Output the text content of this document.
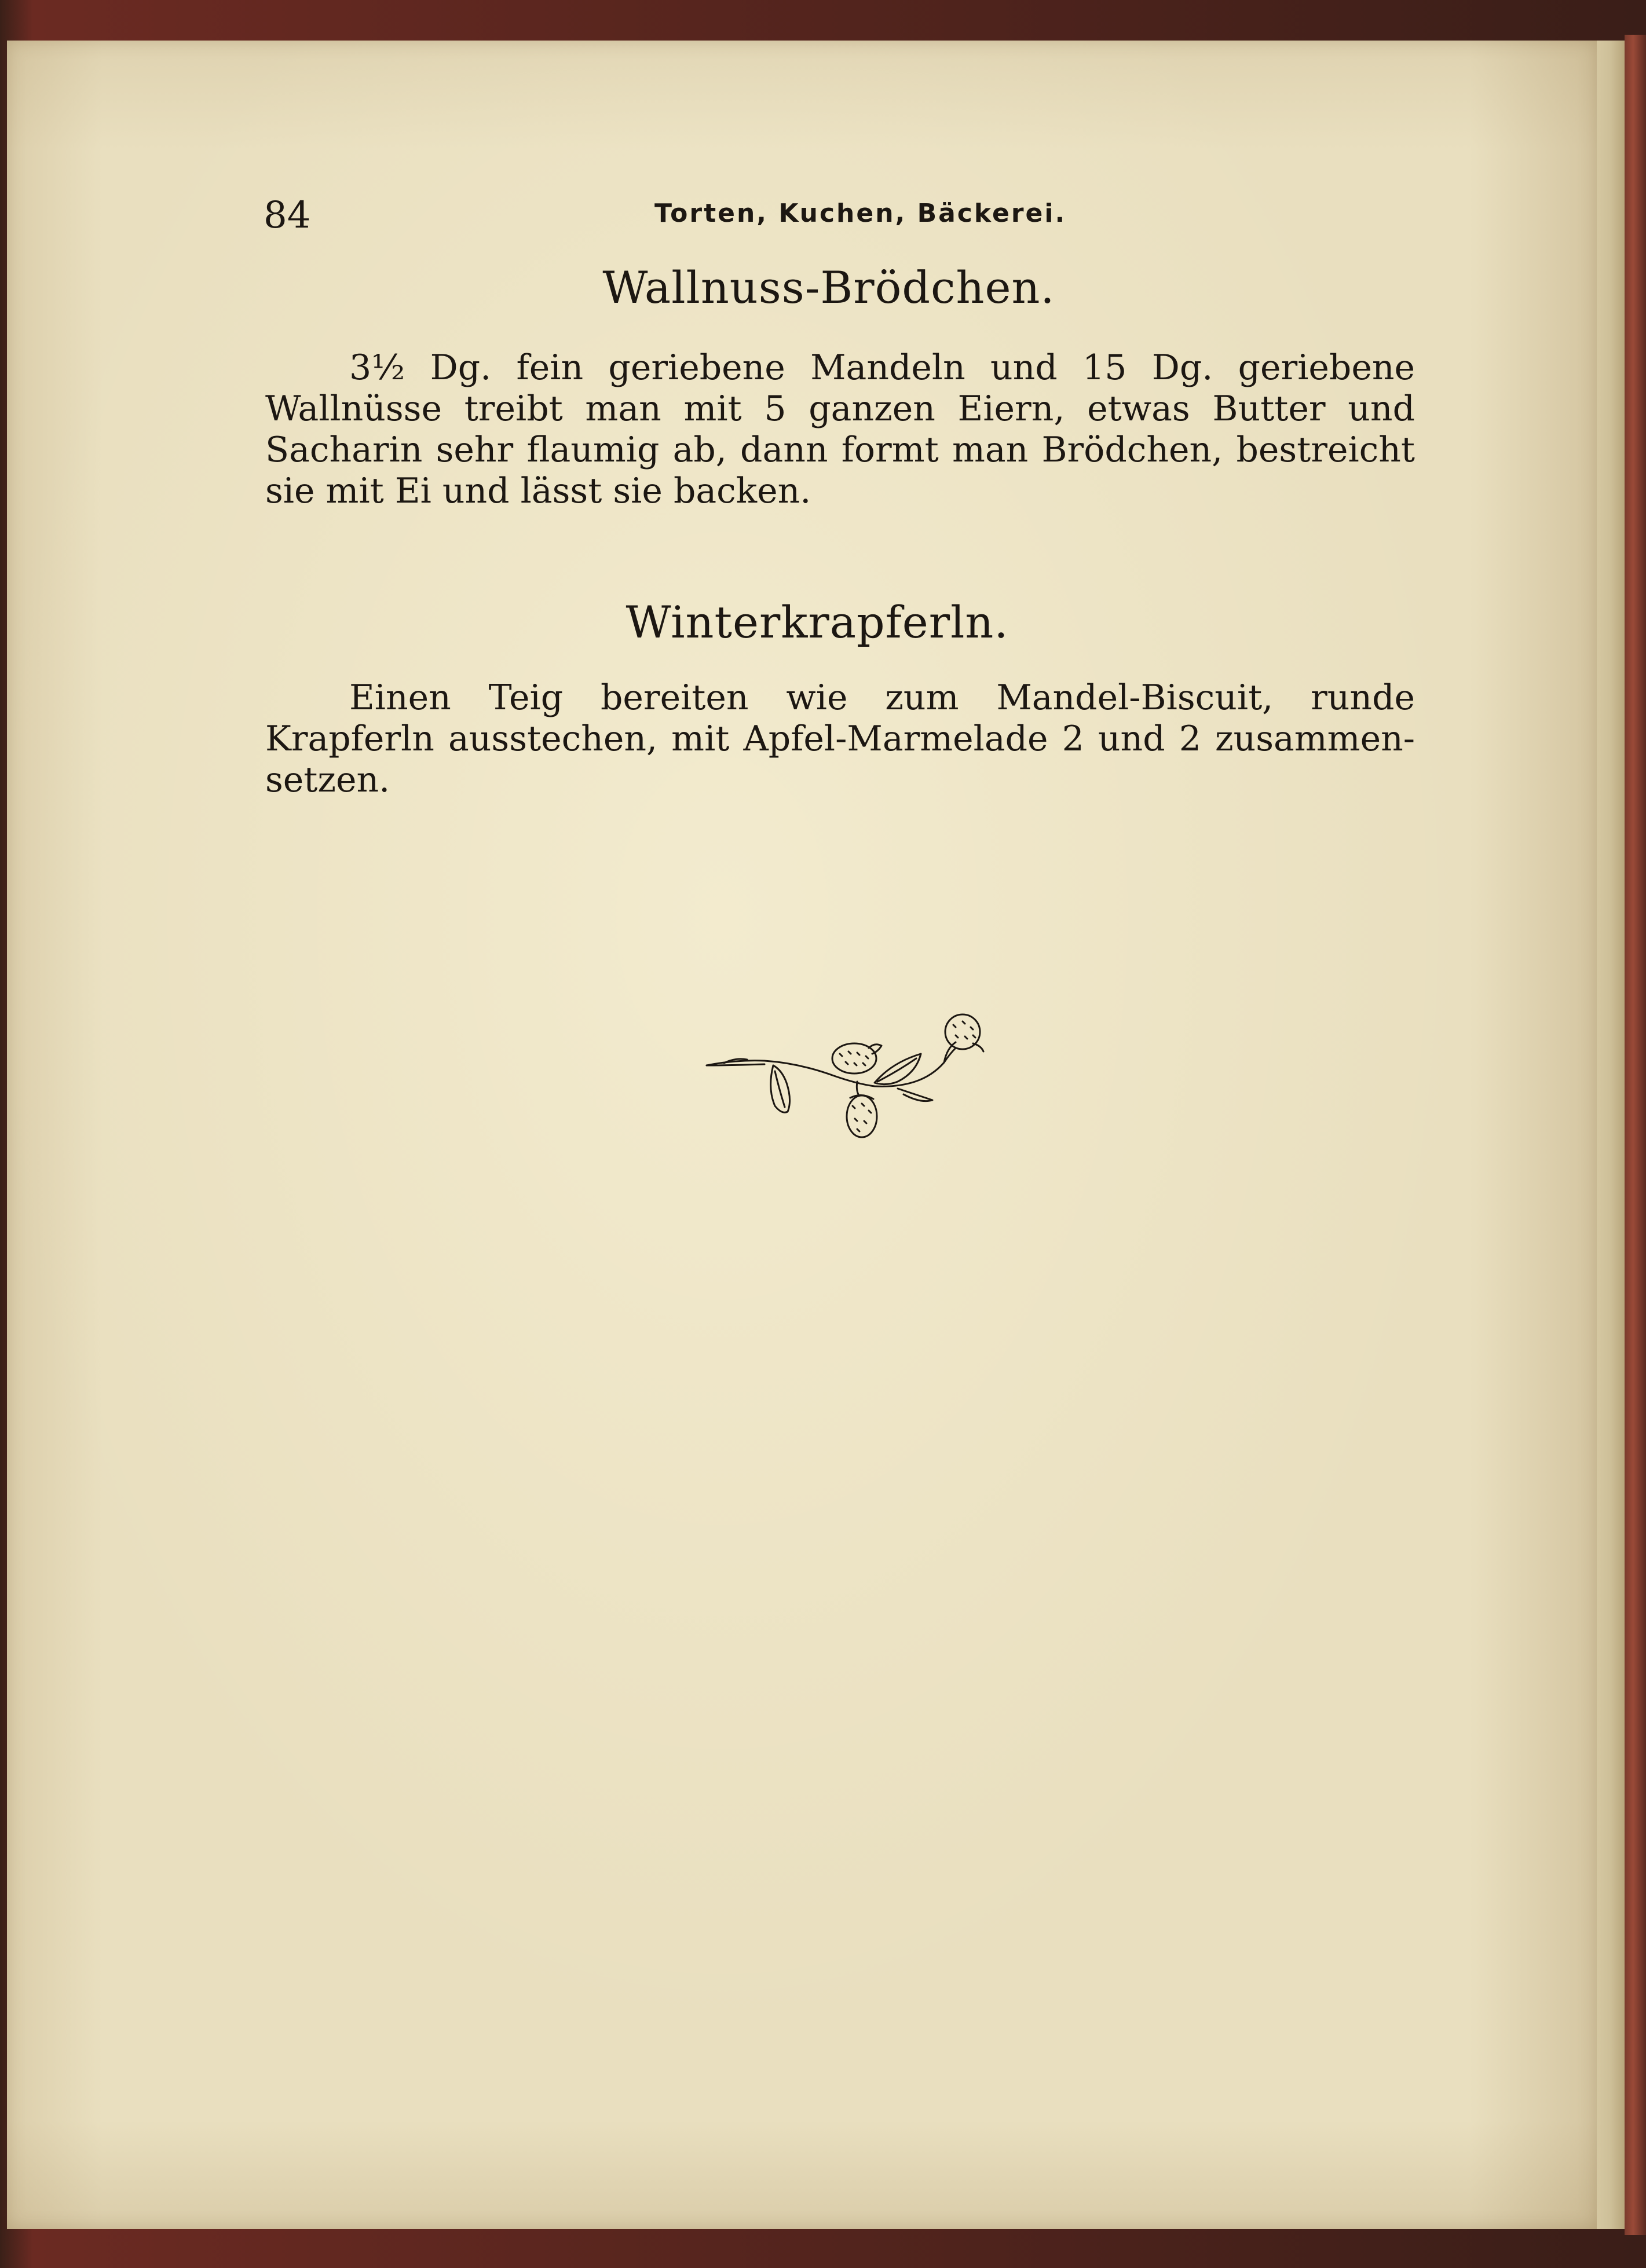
84	Torten, Kuchen, Bäckerei.
Wallnuss-Brödchen.
3½ Dg. fein geriebene Mandeln und 15 Dg. geriebene
Wallnüsse treibt man mit 5 ganzen Eiern, etwas Butter und
Sacharin sehr flaumig ab, dann formt man Brödchen, bestreicht
sie mit Ei und lässt sie backen.
Winterkrapferln.
Einen Teig bereiten wie zum Mandel-Biscuit, runde
Krapferln ausstechen, mit Apfel-Marmelade 2 und 2 zusammen-
setzen.
